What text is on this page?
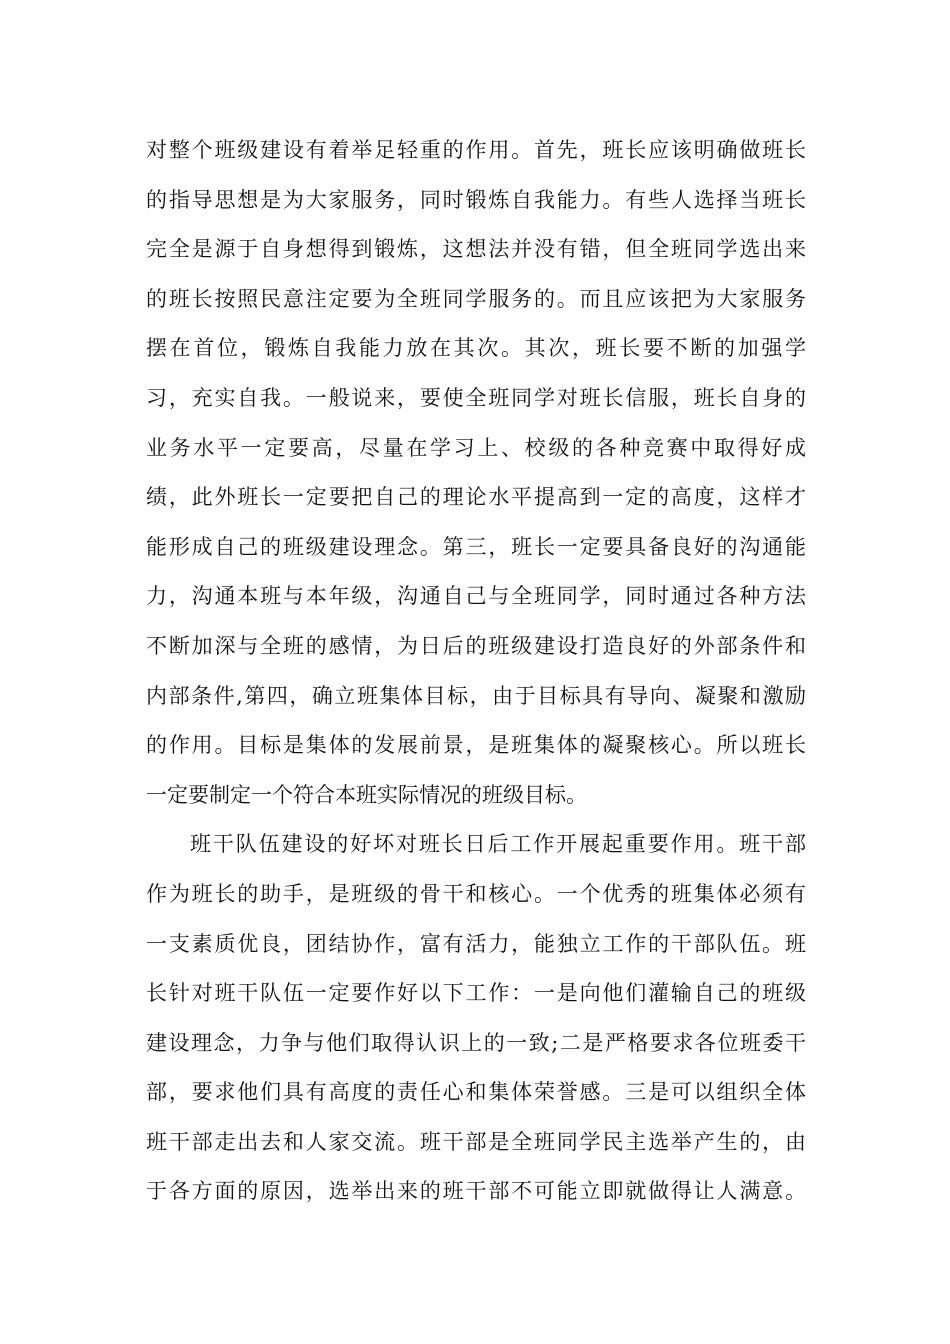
对整个班级建设有着举足轻重的作用。首先，班长应该明确做班长
的指导思想是为大家服务，同时锻炼自我能力。有些人选择当班长
完全是源于自身想得到锻炼，这想法并没有错，但全班同学选出来
的班长按照民意注定要为全班同学服务的。而且应该把为大家服务
摆在首位，锻炼自我能力放在其次。其次，班长要不断的加强学
习，充实自我。一般说来，要使全班同学对班长信服，班长自身的
业务水平一定要高，尽量在学习上、校级的各种竞赛中取得好成
绩，此外班长一定要把自己的理论水平提高到一定的高度，这样才
能形成自己的班级建设理念。第三，班长一定要具备良好的沟通能
力，沟通本班与本年级，沟通自己与全班同学，同时通过各种方法
不断加深与全班的感情，为日后的班级建设打造良好的外部条件和
内部条件,第四，确立班集体目标，由于目标具有导向、凝聚和激励
的作用。目标是集体的发展前景，是班集体的凝聚核心。所以班长
一定要制定一个符合本班实际情况的班级目标。
班干队伍建设的好坏对班长日后工作开展起重要作用。班干部
作为班长的助手，是班级的骨干和核心。一个优秀的班集体必须有
一支素质优良，团结协作，富有活力，能独立工作的干部队伍。班
长针对班干队伍一定要作好以下工作：一是向他们灌输自己的班级
建设理念，力争与他们取得认识上的一致;二是严格要求各位班委干
部，要求他们具有高度的责任心和集体荣誉感。三是可以组织全体
班干部走出去和人家交流。班干部是全班同学民主选举产生的，由
于各方面的原因，选举出来的班干部不可能立即就做得让人满意。
